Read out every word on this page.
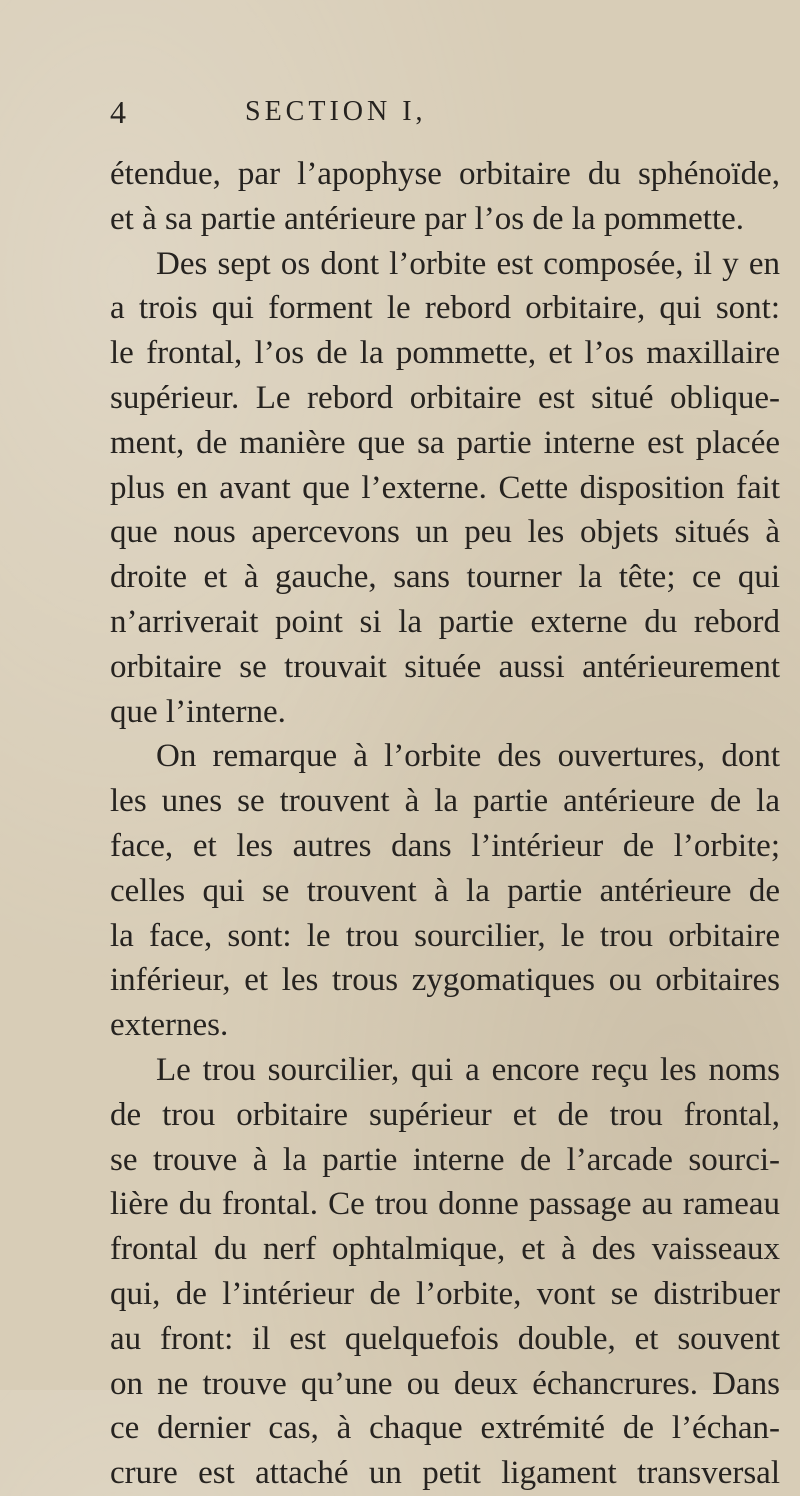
4	SECTION I,
étendue, par l’apophyse orbitaire du sphénoïde,
et à sa partie antérieure par l’os de la pommette.
Des sept os dont l’orbite est composée, il y en
a trois qui forment le rebord orbitaire, qui sont:
le frontal, l’os de la pommette, et l’os maxillaire
supérieur. Le rebord orbitaire est situé oblique-
ment, de manière que sa partie interne est placée
plus en avant que l’externe. Cette disposition fait
que nous apercevons un peu les objets situés à
droite et à gauche, sans tourner la tête; ce qui
n’arriverait point si la partie externe du rebord
orbitaire se trouvait située aussi antérieurement
que l’interne.
On remarque à l’orbite des ouvertures, dont
les unes se trouvent à la partie antérieure de la
face, et les autres dans l’intérieur de l’orbite;
celles qui se trouvent à la partie antérieure de
la face, sont: le trou sourcilier, le trou orbitaire
inférieur, et les trous zygomatiques ou orbitaires
externes.
Le trou sourcilier, qui a encore reçu les noms
de trou orbitaire supérieur et de trou frontal,
se trouve à la partie interne de l’arcade sourci-
lière du frontal. Ce trou donne passage au rameau
frontal du nerf ophtalmique, et à des vaisseaux
qui, de l’intérieur de l’orbite, vont se distribuer
au front: il est quelquefois double, et souvent
on ne trouve qu’une ou deux échancrures. Dans
ce dernier cas, à chaque extrémité de l’échan-
crure est attaché un petit ligament transversal
